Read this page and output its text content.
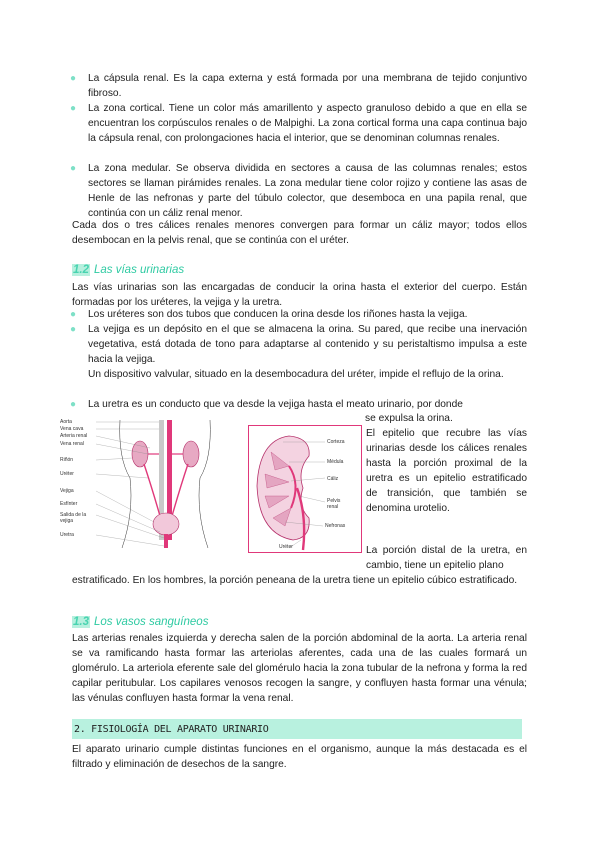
● La cápsula renal. Es la capa externa y está formada por una membrana de tejido conjuntivo fibroso.
● La zona cortical. Tiene un color más amarillento y aspecto granuloso debido a que en ella se encuentran los corpúsculos renales o de Malpighi. La zona cortical forma una capa continua bajo la cápsula renal, con prolongaciones hacia el interior, que se denominan columnas renales.
● La zona medular. Se observa dividida en sectores a causa de las columnas renales; estos sectores se llaman pirámides renales. La zona medular tiene color rojizo y contiene las asas de Henle de las nefronas y parte del túbulo colector, que desemboca en una papila renal, que continúa con un cáliz renal menor.
Cada dos o tres cálices renales menores convergen para formar un cáliz mayor; todos ellos desembocan en la pelvis renal, que se continúa con el uréter.
1.2 Las vías urinarias
Las vías urinarias son las encargadas de conducir la orina hasta el exterior del cuerpo. Están formadas por los uréteres, la vejiga y la uretra.
● Los uréteres son dos tubos que conducen la orina desde los riñones hasta la vejiga.
● La vejiga es un depósito en el que se almacena la orina. Su pared, que recibe una inervación vegetativa, está dotada de tono para adaptarse al contenido y su peristaltismo impulsa a este hacia la vejiga.
Un dispositivo valvular, situado en la desembocadura del uréter, impide el reflujo de la orina.
● La uretra es un conducto que va desde la vejiga hasta el meato urinario, por donde
se expulsa la orina.
El epitelio que recubre las vías urinarias desde los cálices renales hasta la porción proximal de la uretra es un epitelio estratificado de transición, que también se denomina urotelio.
La porción distal de la uretra, en cambio, tiene un epitelio plano
estratificado. En los hombres, la porción peneana de la uretra tiene un epitelio cúbico estratificado.
Aorta
Vena cava
Arteria renal
Vena renal
Riñón
Uréter
Vejiga
Esfínter
Salida de la vejiga
Uretra
Corteza
Médula
Cáliz
Pelvis renal
Nefronas
Uréter
1.3 Los vasos sanguíneos
Las arterias renales izquierda y derecha salen de la porción abdominal de la aorta. La arteria renal se va ramificando hasta formar las arteriolas aferentes, cada una de las cuales formará un glomérulo. La arteriola eferente sale del glomérulo hacia la zona tubular de la nefrona y forma la red capilar peritubular. Los capilares venosos recogen la sangre, y confluyen hasta formar una vénula; las vénulas confluyen hasta formar la vena renal.
2. FISIOLOGÍA DEL APARATO URINARIO
El aparato urinario cumple distintas funciones en el organismo, aunque la más destacada es el filtrado y eliminación de desechos de la sangre.
